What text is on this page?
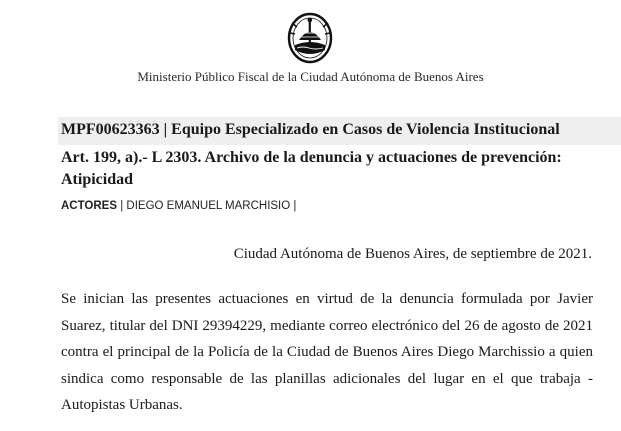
Ministerio Público Fiscal de la Ciudad Autónoma de Buenos Aires
MPF00623363 | Equipo Especializado en Casos de Violencia Institucional
Art. 199, a).- L 2303. Archivo de la denuncia y actuaciones de prevención: Atipicidad
ACTORES | DIEGO EMANUEL MARCHISIO |
Ciudad Autónoma de Buenos Aires, de septiembre de 2021.
Se inician las presentes actuaciones en virtud de la denuncia formulada por Javier Suarez, titular del DNI 29394229, mediante correo electrónico del 26 de agosto de 2021 contra el principal de la Policía de la Ciudad de Buenos Aires Diego Marchissio a quien sindica como responsable de las planillas adicionales del lugar en el que trabaja -Autopistas Urbanas.
